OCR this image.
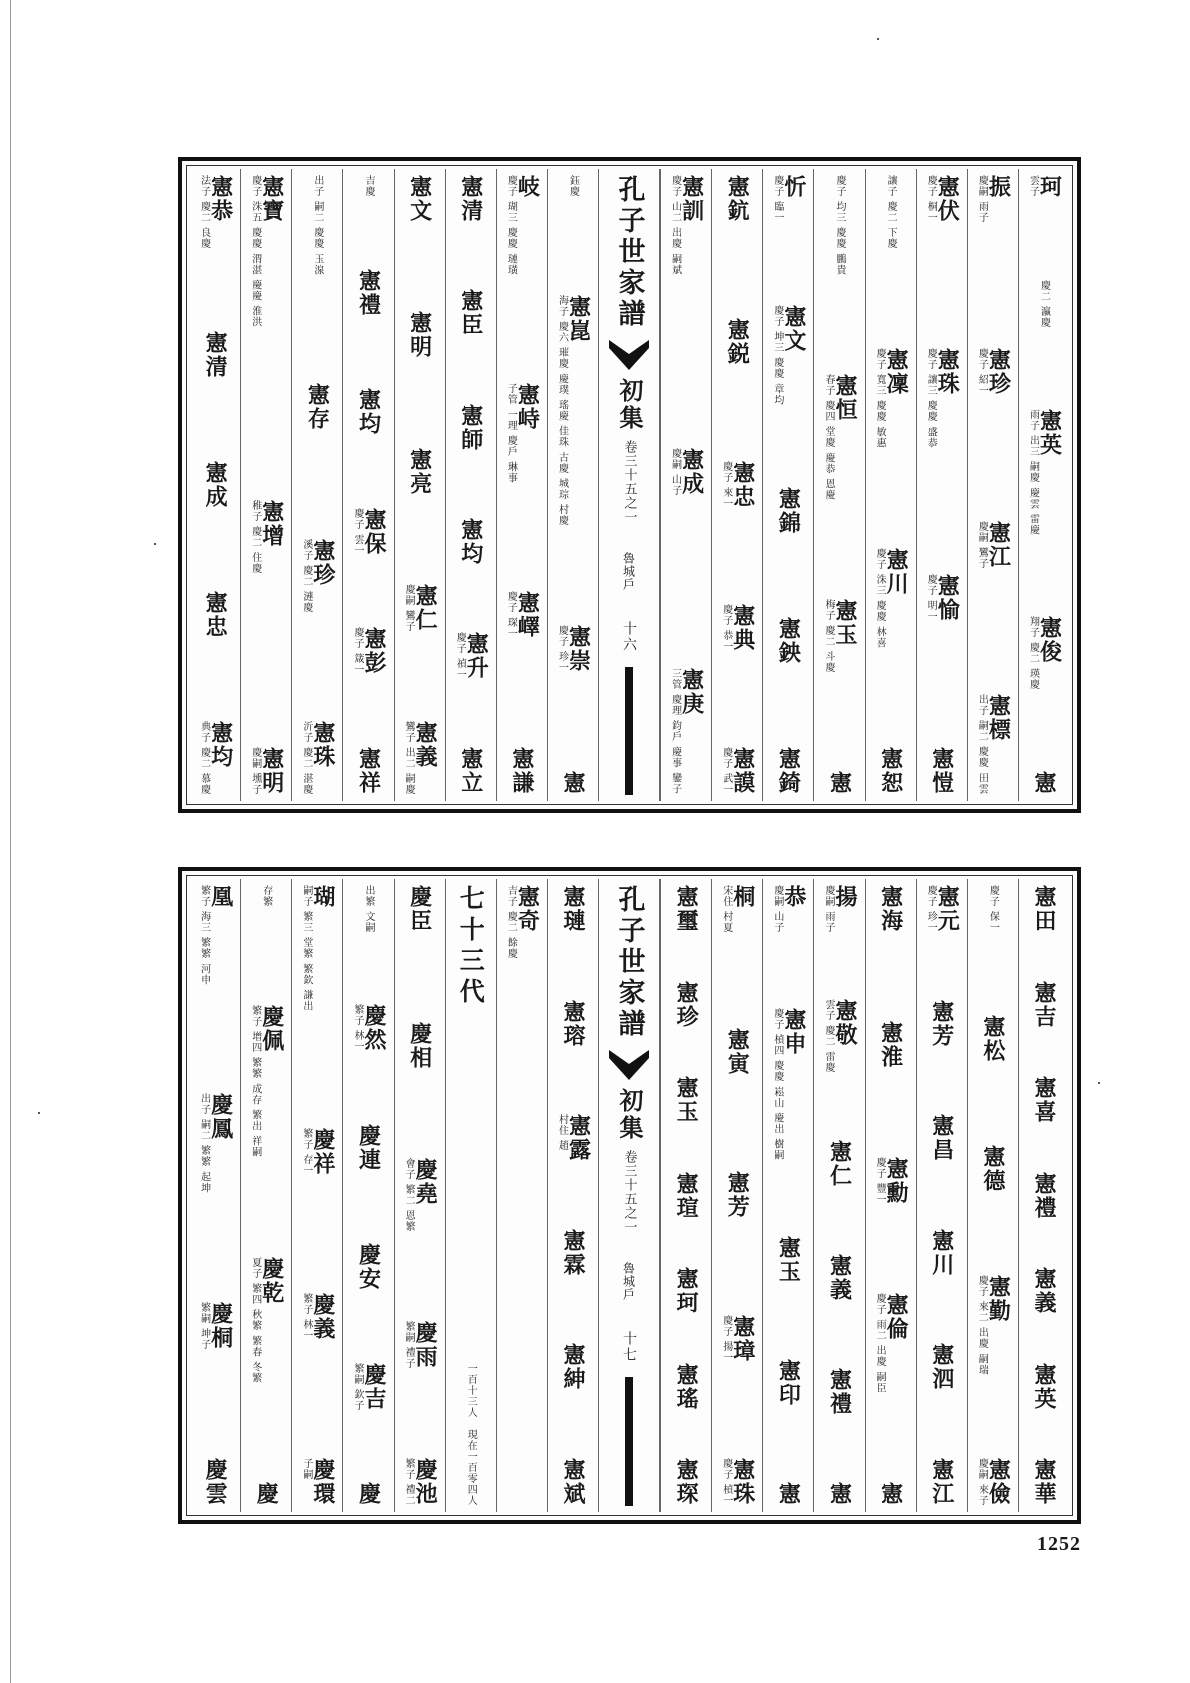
珂
雲子
慶二 瀛慶
憲英
雨子 出三 嗣慶 慶雲 雷慶
憲俊
翔子 慶二 瑛慶
憲
振
慶嗣 雨子
憲珍
慶子 紹一
憲江
慶嗣 鸞子
憲標
出子 嗣二 慶慶 田雲
憲伏
慶子 桐一
憲珠
慶子 讓三 慶慶 盛恭
憲愉
慶子 明一
憲愷
讓子 慶二 下慶
憲凜
慶子 寬三 慶慶 敏惠
憲川
慶子 洙三 慶慶 林喜
憲恕
慶子 均三 慶慶 鵬貴
憲恒
春子 慶四 堂慶 慶恭 恩慶
憲玉
梅子 慶二 斗慶
憲
忻
慶子 臨一
憲文
慶子 坤三 慶慶 章均
憲錦
憲鉠
憲錡
憲鈧
憲鋭
憲忠
慶子 來一
憲典
慶子 恭一
憲謨
慶子 武一
憲訓
慶子 山二 出慶 嗣斌
憲成
慶嗣 山子
憲庚
三管 慶理 鈞戶 慶事 鑾子
孔子世家譜
初集
卷三十五之一
魯城戶
十六
鈺慶
憲崑
海子 慶六 璀慶 慶璞 瑤慶 佳珠 古慶 城琮 村慶
憲崇
慶子 珍一
憲
岐
慶子 瑚三 慶慶 璉璜
憲峙
子管 一理 慶戶 琳事
憲嶧
慶子 琛一
憲謙
憲清
憲臣
憲師
憲均
憲升
慶子 禎一
憲立
憲文
憲明
憲亮
憲仁
慶嗣 鸞子
憲義
鸞子 出二 嗣慶
吉慶
憲禮
憲均
憲保
慶子 雲一
憲彭
慶子 箴一
憲祥
出子 嗣二 慶慶 玉湶
憲存
憲珍
溪子 慶二 漣慶
憲珠
沂子 慶二 湛慶
憲寶
慶子 洙五 慶慶 渭湛 慶慶 淮洪
憲增
稚子 慶二 住慶
憲明
慶嗣 壎子
憲恭
法子 慶二 良慶
憲清
憲成
憲忠
憲均
典子 慶二 慕慶
憲田
憲吉
憲喜
憲禮
憲義
憲英
憲華
慶子 保一
憲松
憲德
憲勤
慶子 來二 出慶 嗣瑞
憲儉
慶嗣 來子
憲元
慶子 珍一
憲芳
憲昌
憲川
憲泗
憲江
憲海
憲淮
憲勳
慶子 豐一
憲倫
慶子 雨二 出慶 嗣臣
憲
揚
慶嗣 雨子
憲敬
雲子 慶二 雷慶
憲仁
憲義
憲禮
憲
恭
慶嗣 山子
憲申
慶子 楨四 慶慶 崧山 慶出 樹嗣
憲玉
憲印
憲
桐
宋住 村夏
憲寅
憲芳
憲璋
慶子 揚一
憲珠
慶子 楨一
憲璽
憲珍
憲玉
憲瑄
憲珂
憲瑤
憲琛
孔子世家譜
初集
卷三十五之一
魯城戶
十七
憲璉
憲瑢
憲露
村住 趙
憲霖
憲紳
憲斌
憲奇
吉子 慶二 餘慶
七十三代
一百十三人　現在一百零四人
慶臣
慶相
慶堯
會子 繁二 恩繁
慶雨
繁嗣 禮子
慶池
繁子 禮二
出繁 文嗣
慶然
繁子 林一
慶連
慶安
慶吉
繁嗣 欽子
慶
瑚
嗣子 繁三 堂繁 繁欽 謙出
慶祥
繁子 存一
慶義
繁子 林一
慶環
子嗣
存繁
慶佩
繁子 增四 繁繁 成存 繁出 祥嗣
慶乾
夏子 繁四 秋繁 繁春 冬繁
慶
凰
繁子 海三 繁繁 河申
慶鳳
出子 嗣二 繁繁 起坤
慶桐
繁嗣 坤子
慶雲
1252
